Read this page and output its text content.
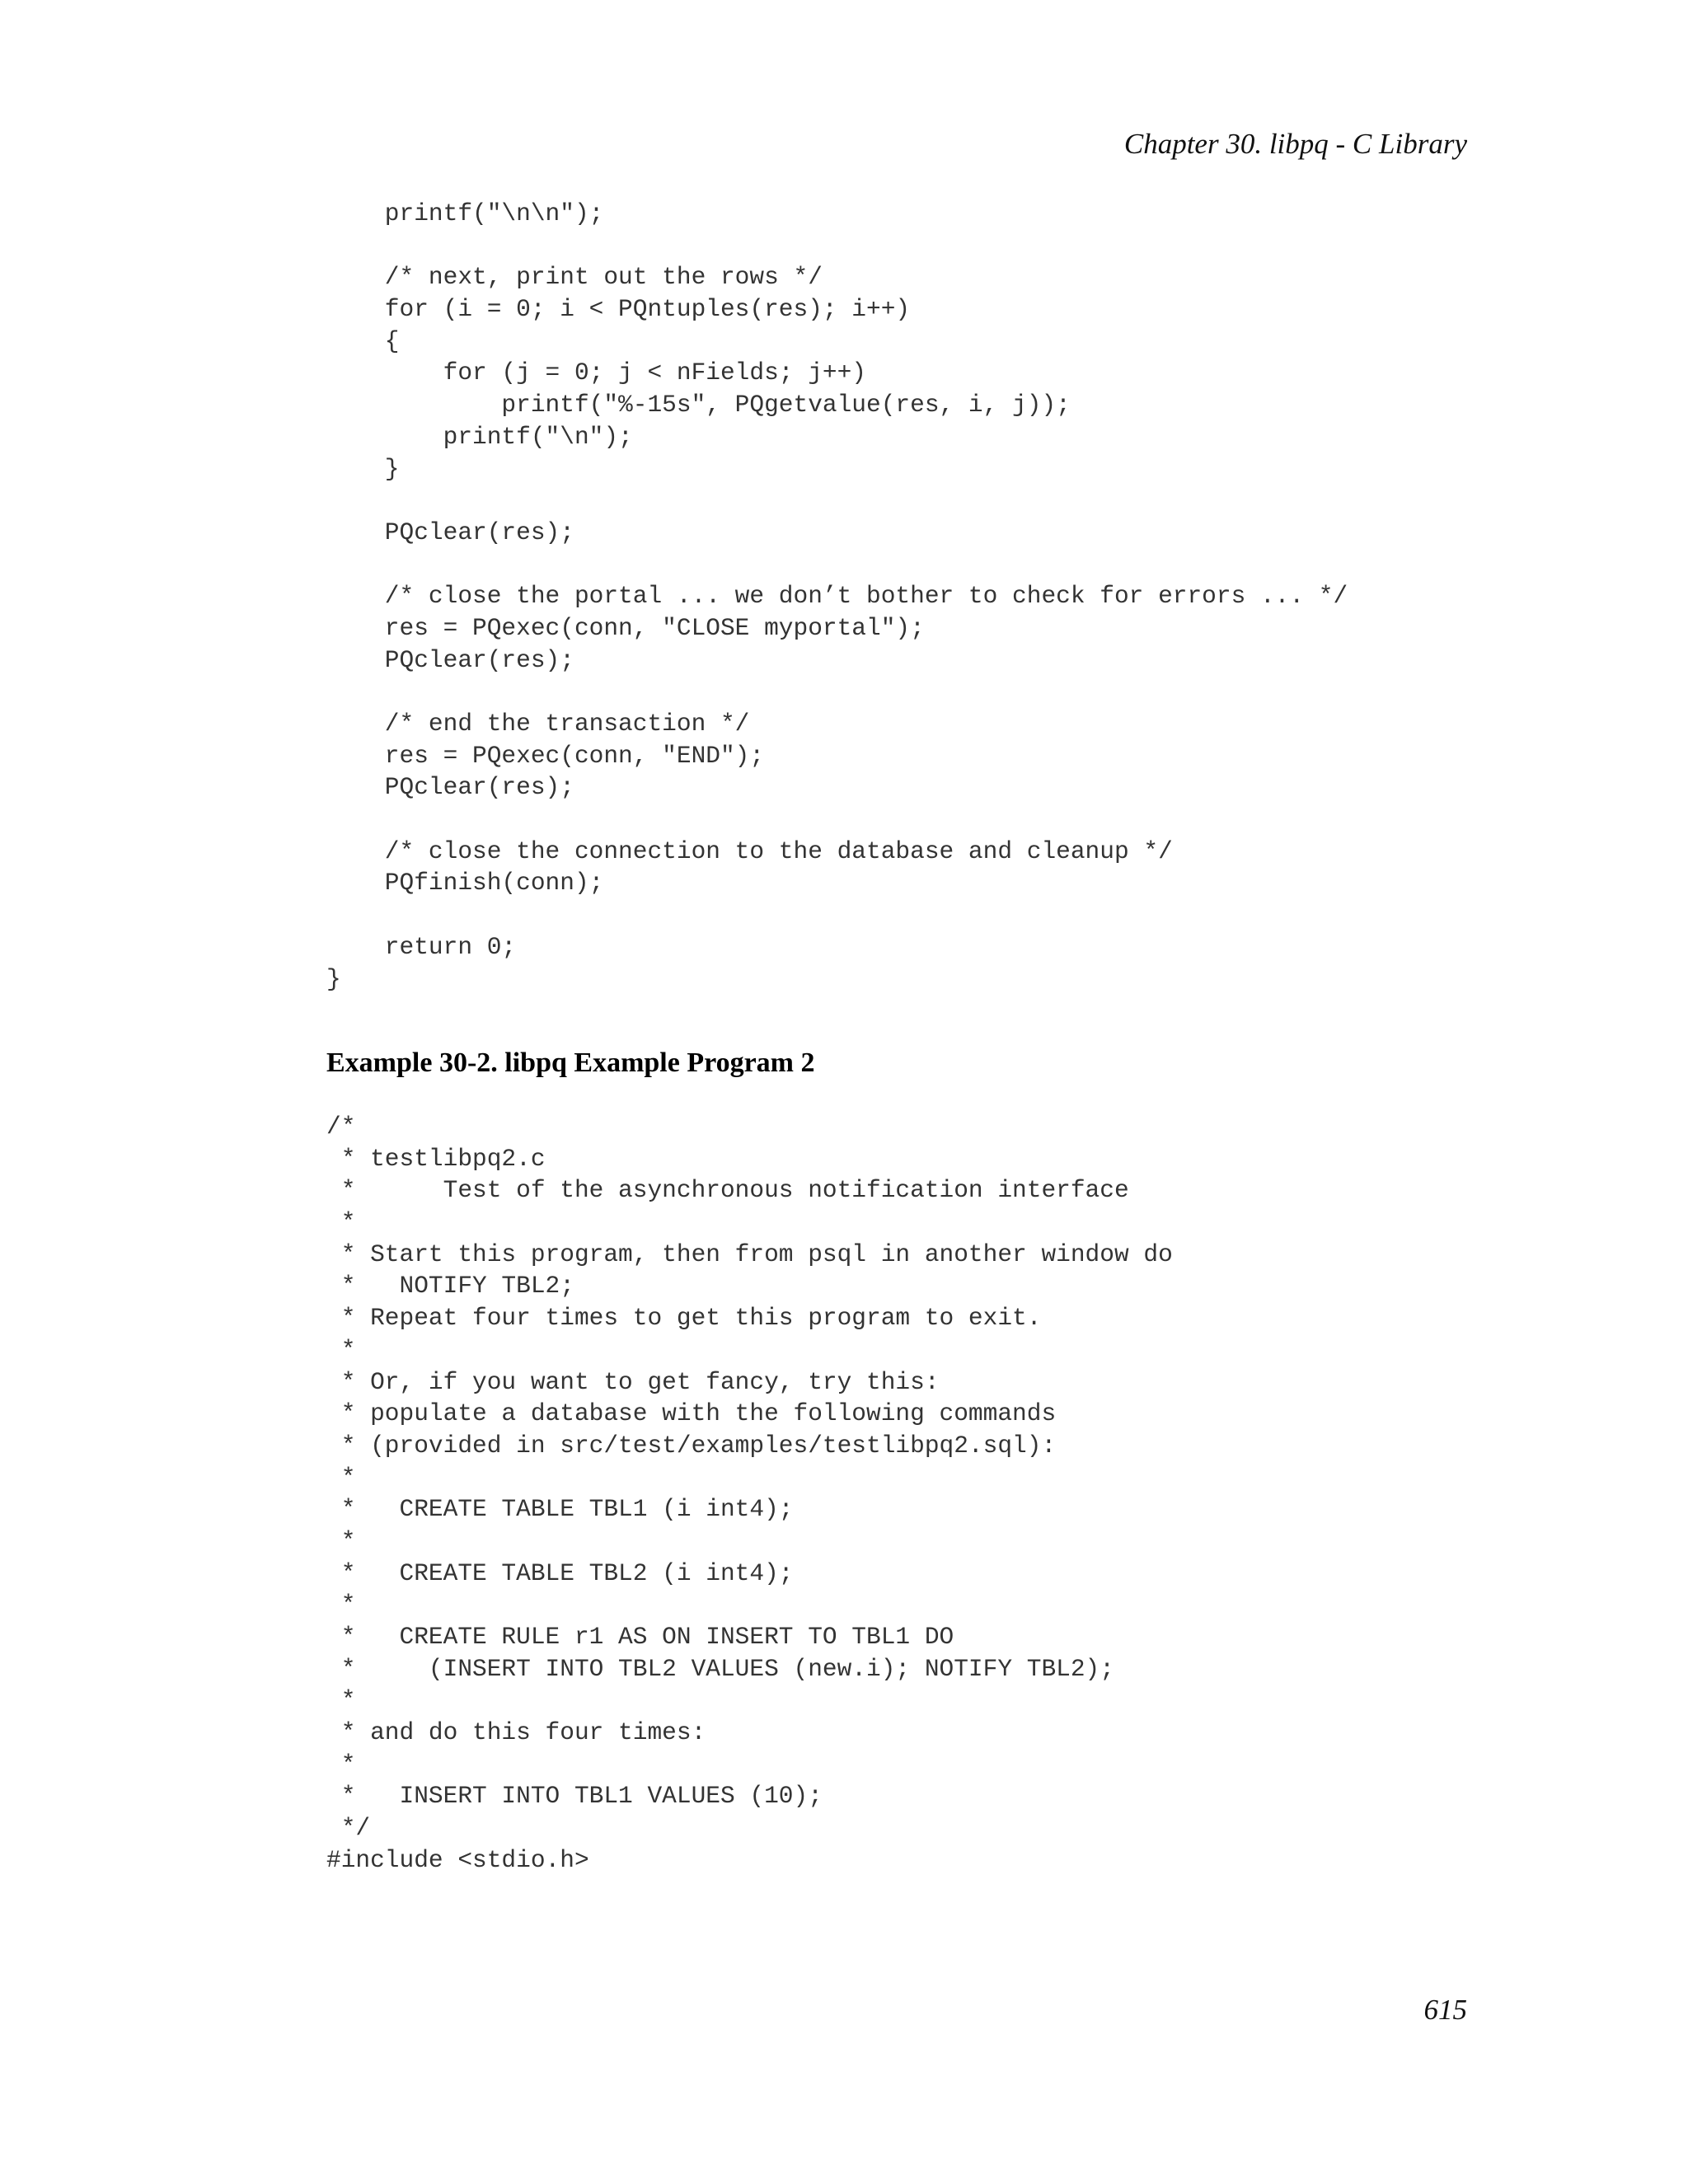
Chapter 30. libpq - C Library
printf("\n\n");
/* next, print out the rows */
for (i = 0; i < PQntuples(res); i++)
{
for (j = 0; j < nFields; j++)
printf("%-15s", PQgetvalue(res, i, j));
printf("\n");
}
PQclear(res);
/* close the portal ... we don’t bother to check for errors ... */
res = PQexec(conn, "CLOSE myportal");
PQclear(res);
/* end the transaction */
res = PQexec(conn, "END");
PQclear(res);
/* close the connection to the database and cleanup */
PQfinish(conn);
return 0;
}
Example 30-2. libpq Example Program 2
/*
* testlibpq2.c
*      Test of the asynchronous notification interface
*
* Start this program, then from psql in another window do
*   NOTIFY TBL2;
* Repeat four times to get this program to exit.
*
* Or, if you want to get fancy, try this:
* populate a database with the following commands
* (provided in src/test/examples/testlibpq2.sql):
*
*   CREATE TABLE TBL1 (i int4);
*
*   CREATE TABLE TBL2 (i int4);
*
*   CREATE RULE r1 AS ON INSERT TO TBL1 DO
*     (INSERT INTO TBL2 VALUES (new.i); NOTIFY TBL2);
*
* and do this four times:
*
*   INSERT INTO TBL1 VALUES (10);
*/
#include <stdio.h>
615
